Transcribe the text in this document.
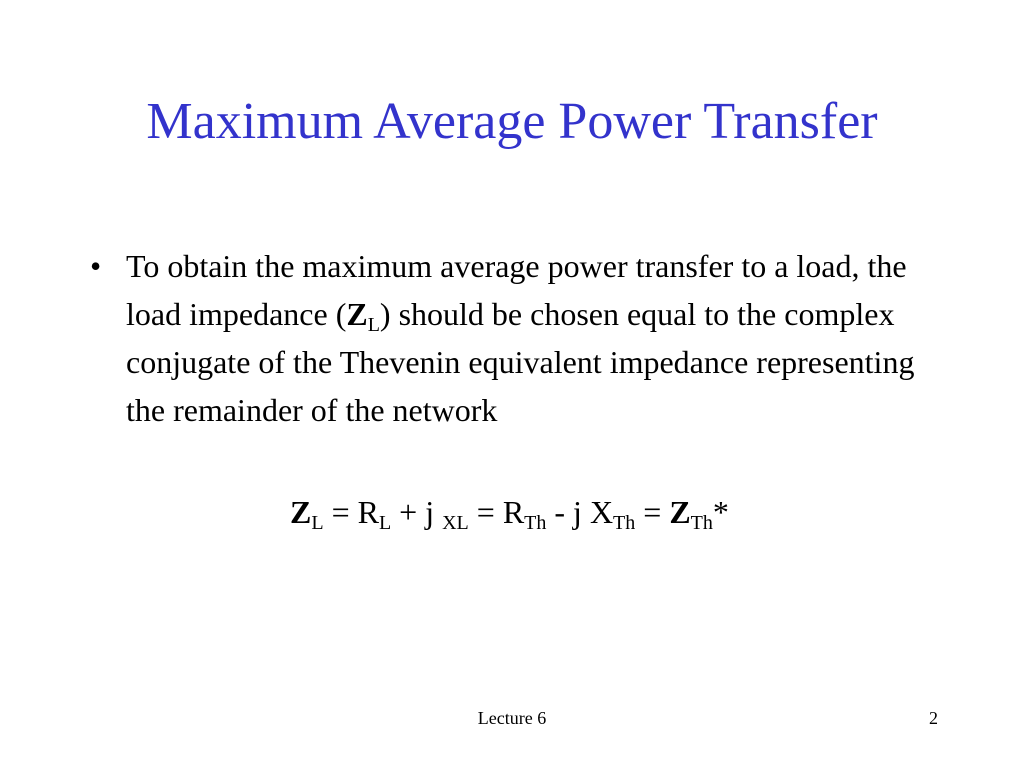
Maximum Average Power Transfer
• To obtain the maximum average power transfer to a load, the load impedance $(Z_L)$ should be chosen equal to the complex conjugate of the Thevenin equivalent impedance representing the remainder of the network
$Z_L = R_L + j$ $_{XL} = R_{Th} - j$ $X_{Th} = Z_{Th}*$
Lecture 6	2
